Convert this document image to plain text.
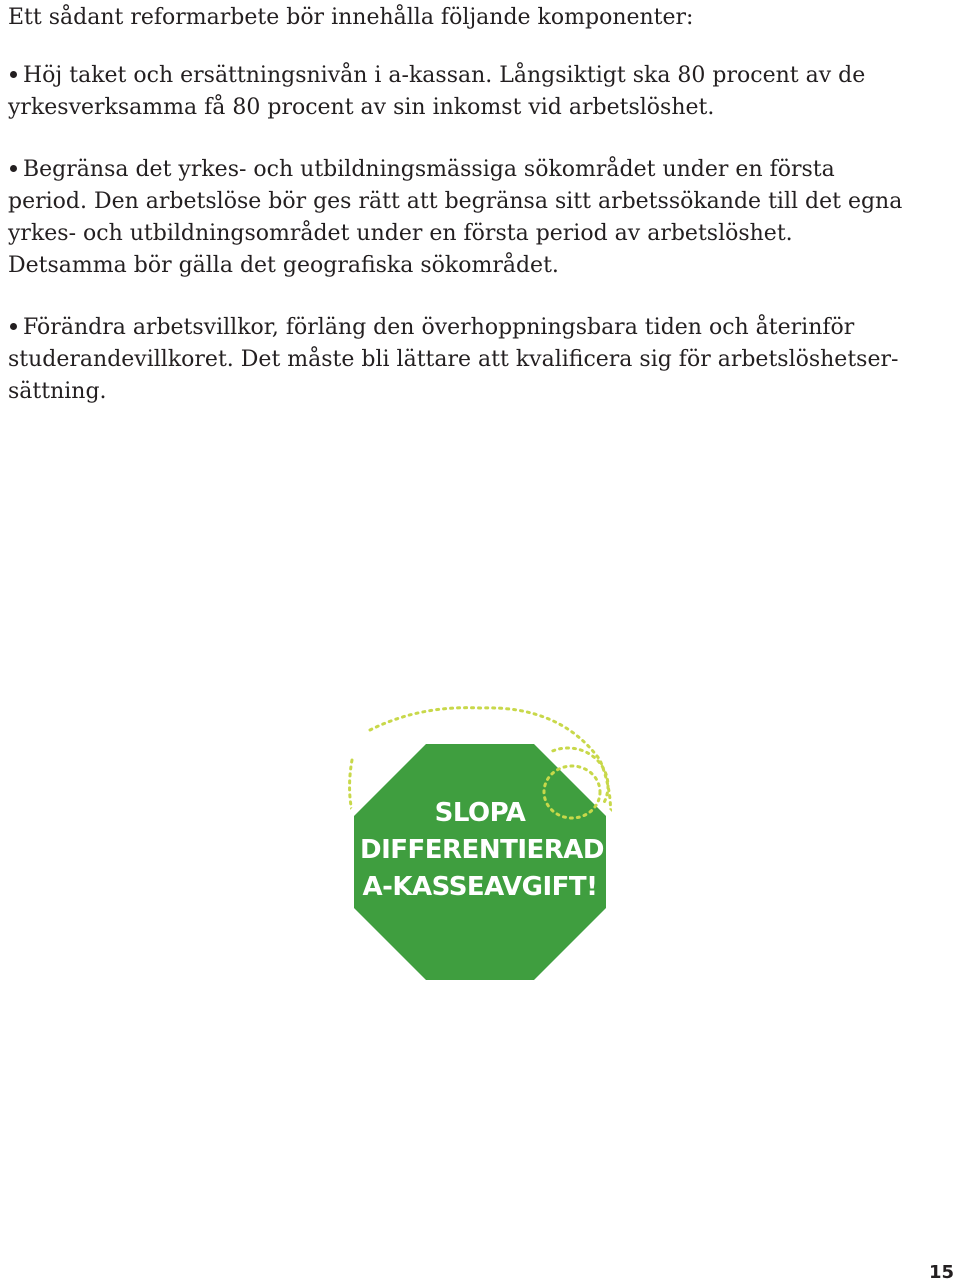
Ett sådant reformarbete bör innehålla följande komponenter:

Höj taket och ersättningsnivån i a-kassan. Långsiktigt ska 80 procent av de yrkesverksamma få 80 procent av sin inkomst vid arbetslöshet.

Begränsa det yrkes- och utbildningsmässiga sökområdet under en första period. Den arbetslöse bör ges rätt att begränsa sitt arbetssökande till det egna yrkes- och utbildningsområdet under en första period av arbetslöshet. Detsamma bör gälla det geografiska sökområdet.

Förändra arbetsvillkor, förläng den överhoppningsbara tiden och återinför studerandevillkoret. Det måste bli lättare att kvalificera sig för arbetslöshetsersättning.

SLOPA
DIFFERENTIERAD
A-KASSEAVGIFT!
15
